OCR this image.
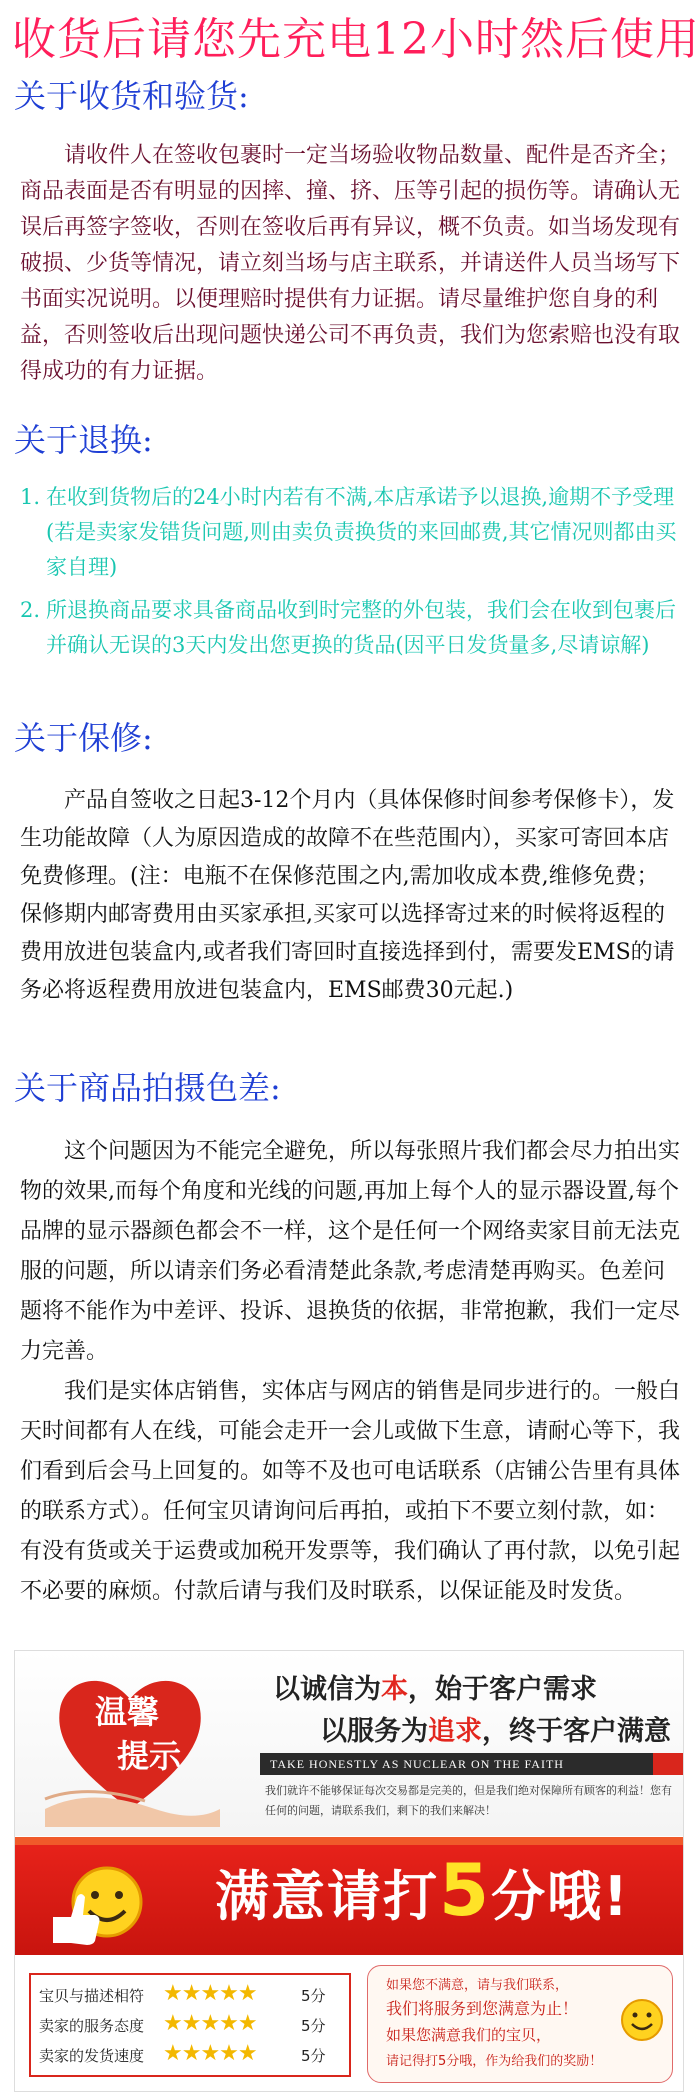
收货后请您先充电12小时然后使用
关于收货和验货:
请收件人在签收包裹时一定当场验收物品数量、配件是否齐全；商品表面是否有明显的因摔、撞、挤、压等引起的损伤等。请确认无误后再签字签收，否则在签收后再有异议，概不负责。如当场发现有破损、少货等情况，请立刻当场与店主联系，并请送件人员当场写下书面实况说明。以便理赔时提供有力证据。请尽量维护您自身的利益，否则签收后出现问题快递公司不再负责，我们为您索赔也没有取得成功的有力证据。
关于退换:
1. 在收到货物后的24小时内若有不满,本店承诺予以退换,逾期不予受理(若是卖家发错货问题,则由卖负责换货的来回邮费,其它情况则都由买家自理)
2. 所退换商品要求具备商品收到时完整的外包装，我们会在收到包裹后并确认无误的3天内发出您更换的货品(因平日发货量多,尽请谅解)
关于保修:
产品自签收之日起3-12个月内（具体保修时间参考保修卡），发生功能故障（人为原因造成的故障不在些范围内），买家可寄回本店免费修理。(注：电瓶不在保修范围之内,需加收成本费,维修免费；保修期内邮寄费用由买家承担,买家可以选择寄过来的时候将返程的费用放进包装盒内,或者我们寄回时直接选择到付，需要发EMS的请务必将返程费用放进包装盒内，EMS邮费30元起.)
关于商品拍摄色差:
这个问题因为不能完全避免，所以每张照片我们都会尽力拍出实物的效果,而每个角度和光线的问题,再加上每个人的显示器设置,每个品牌的显示器颜色都会不一样，这个是任何一个网络卖家目前无法克服的问题，所以请亲们务必看清楚此条款,考虑清楚再购买。色差问题将不能作为中差评、投诉、退换货的依据，非常抱歉，我们一定尽力完善。
我们是实体店销售，实体店与网店的销售是同步进行的。一般白天时间都有人在线，可能会走开一会儿或做下生意，请耐心等下，我们看到后会马上回复的。如等不及也可电话联系（店铺公告里有具体的联系方式）。任何宝贝请询问后再拍，或拍下不要立刻付款，如：有没有货或关于运费或加税开发票等，我们确认了再付款，以免引起不必要的麻烦。付款后请与我们及时联系，以保证能及时发货。
温馨
提示
以诚信为本，始于客户需求
以服务为追求，终于客户满意
TAKE HONESTLY AS NUCLEAR ON THE FAITH
我们就许不能够保证每次交易都是完美的，但是我们绝对保障所有顾客的利益！您有任何的问题，请联系我们，剩下的我们来解决！
满意请打5分哦!
宝贝与描述相符 ★★★★★	5分
卖家的服务态度 ★★★★★	5分
卖家的发货速度 ★★★★★	5分
如果您不满意，请与我们联系，
我们将服务到您满意为止！
如果您满意我们的宝贝，
请记得打5分哦，作为给我们的奖励！
